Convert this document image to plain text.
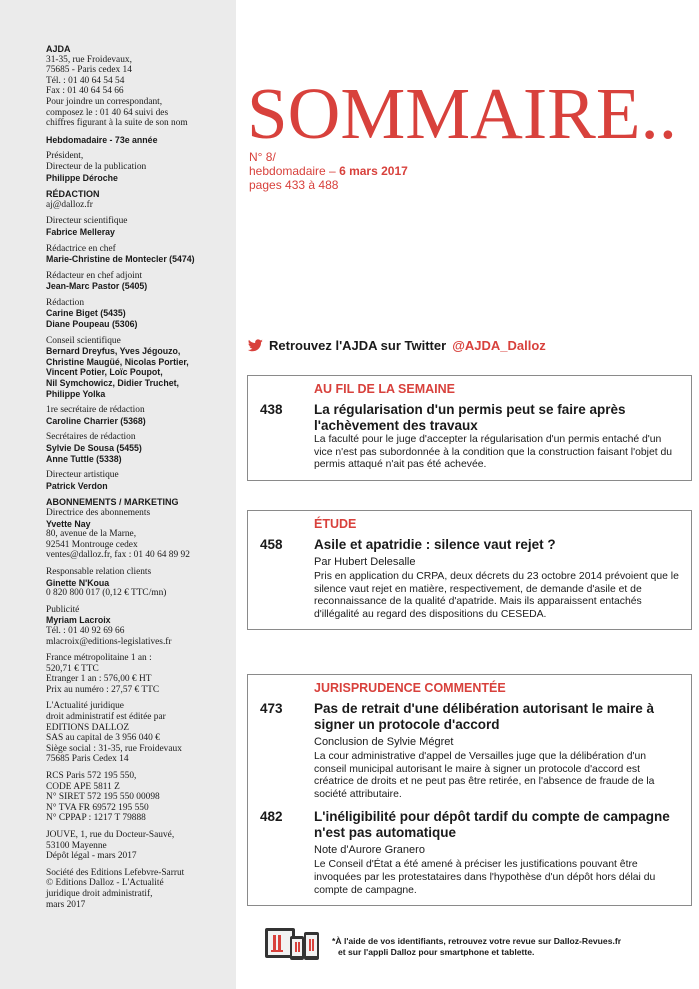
AJDA
31-35, rue Froidevaux,
75685 - Paris cedex 14
Tél. : 01 40 64 54 54
Fax : 01 40 64 54 66
Pour joindre un correspondant,
composez le : 01 40 64 suivi des
chiffres figurant à la suite de son nom
Hebdomadaire - 73e année
Président,
Directeur de la publication
Philippe Déroche
RÉDACTION
aj@dalloz.fr
Directeur scientifique
Fabrice Melleray
Rédactrice en chef
Marie-Christine de Montecler (5474)
Rédacteur en chef adjoint
Jean-Marc Pastor (5405)
Rédaction
Carine Biget (5435)
Diane Poupeau (5306)
Conseil scientifique
Bernard Dreyfus, Yves Jégouzo,
Christine Maugüé, Nicolas Portier,
Vincent Potier, Loïc Poupot,
Nil Symchowicz, Didier Truchet,
Philippe Yolka
1re secrétaire de rédaction
Caroline Charrier (5368)
Secrétaires de rédaction
Sylvie De Sousa (5455)
Anne Tuttle (5338)
Directeur artistique
Patrick Verdon
ABONNEMENTS / MARKETING
Directrice des abonnements
Yvette Nay
80, avenue de la Marne,
92541 Montrouge cedex
ventes@dalloz.fr, fax : 01 40 64 89 92
Responsable relation clients
Ginette N'Koua
0 820 800 017 (0,12 € TTC/mn)
Publicité
Myriam Lacroix
Tél. : 01 40 92 69 66
mlacroix@editions-legislatives.fr
France métropolitaine 1 an :
520,71 € TTC
Etranger 1 an : 576,00 € HT
Prix au numéro : 27,57 € TTC
L'Actualité juridique
droit administratif est éditée par
EDITIONS DALLOZ
SAS au capital de 3 956 040 €
Siège social : 31-35, rue Froidevaux
75685 Paris Cedex 14
RCS Paris 572 195 550,
CODE APE 5811 Z
N° SIRET 572 195 550 00098
N° TVA FR 69572 195 550
N° CPPAP : 1217 T 79888
JOUVE, 1, rue du Docteur-Sauvé,
53100 Mayenne
Dépôt légal - mars 2017
Société des Editions Lefebvre-Sarrut
© Editions Dalloz - L'Actualité
juridique droit administratif,
mars 2017
SOMMAIRE..
N° 8/
hebdomadaire – 6 mars 2017
pages 433 à 488
Retrouvez l'AJDA sur Twitter @AJDA_Dalloz
AU FIL DE LA SEMAINE
438	La régularisation d'un permis peut se faire après l'achèvement des travaux
La faculté pour le juge d'accepter la régularisation d'un permis entaché d'un vice n'est pas subordonnée à la condition que la construction faisant l'objet du permis attaqué n'ait pas été achevée.
ÉTUDE
458	Asile et apatridie : silence vaut rejet ?
Par Hubert Delesalle
Pris en application du CRPA, deux décrets du 23 octobre 2014 prévoient que le silence vaut rejet en matière, respectivement, de demande d'asile et de reconnaissance de la qualité d'apatride. Mais ils apparaissent entachés d'illégalité au regard des dispositions du CESEDA.
JURISPRUDENCE COMMENTÉE
473	Pas de retrait d'une délibération autorisant le maire à signer un protocole d'accord
Conclusion de Sylvie Mégret
La cour administrative d'appel de Versailles juge que la délibération d'un conseil municipal autorisant le maire à signer un protocole d'accord est créatrice de droits et ne peut pas être retirée, en l'absence de fraude de la société attributaire.
482	L'inéligibilité pour dépôt tardif du compte de campagne n'est pas automatique
Note d'Aurore Granero
Le Conseil d'État a été amené à préciser les justifications pouvant être invoquées par les protestataires dans l'hypothèse d'un dépôt hors délai du compte de campagne.
*À l'aide de vos identifiants, retrouvez votre revue sur Dalloz-Revues.fr
et sur l'appli Dalloz pour smartphone et tablette.
